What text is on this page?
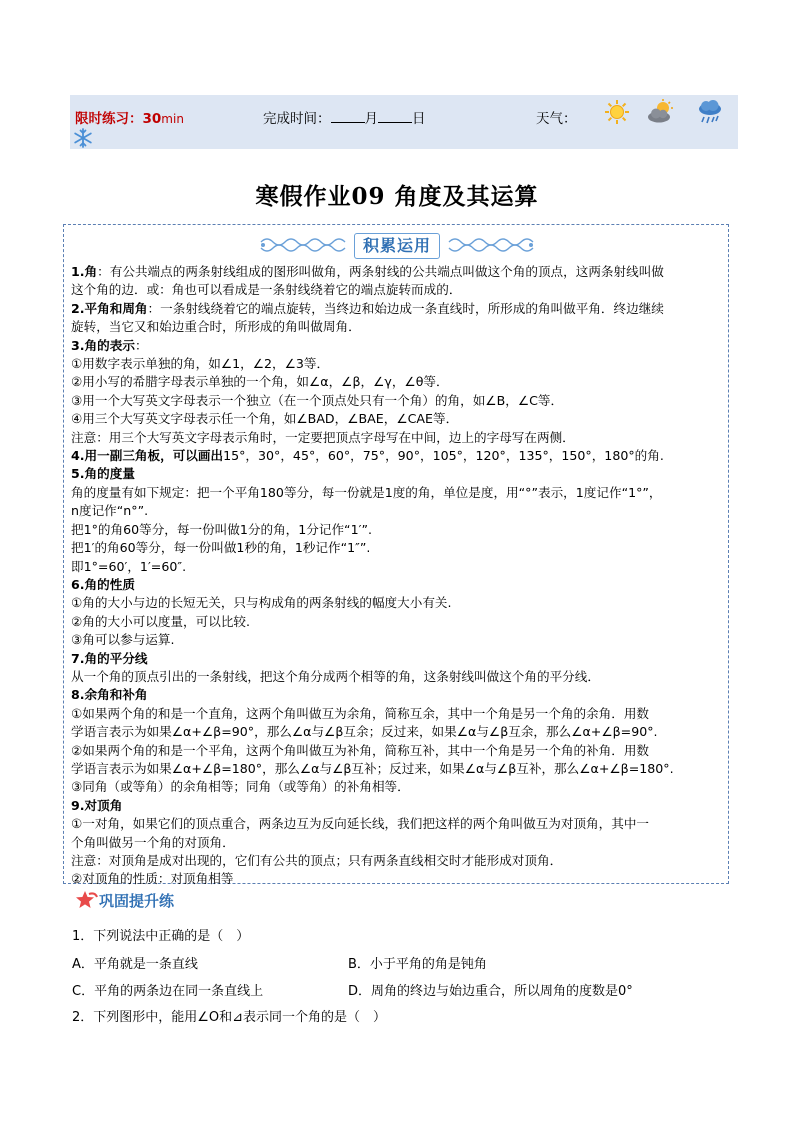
限时练习：30min	完成时间：	月	日	天气：
寒假作业09 角度及其运算
积累运用

1.角：有公共端点的两条射线组成的图形叫做角，两条射线的公共端点叫做这个角的顶点，这两条射线叫做

这个角的边．或：角也可以看成是一条射线绕着它的端点旋转而成的．

2.平角和周角：一条射线绕着它的端点旋转，当终边和始边成一条直线时，所形成的角叫做平角．终边继续

旋转，当它又和始边重合时，所形成的角叫做周角．

3.角的表示：

①用数字表示单独的角，如∠1，∠2，∠3等．

②用小写的希腊字母表示单独的一个角，如∠α，∠β，∠γ，∠θ等．

③用一个大写英文字母表示一个独立（在一个顶点处只有一个角）的角，如∠B，∠C等．

④用三个大写英文字母表示任一个角，如∠BAD，∠BAE，∠CAE等．

注意：用三个大写英文字母表示角时，一定要把顶点字母写在中间，边上的字母写在两侧．

4.用一副三角板，可以画出15°，30°，45°，60°，75°，90°，105°，120°，135°，150°，180°的角.

5.角的度量

角的度量有如下规定：把一个平角180等分，每一份就是1度的角，单位是度，用“°”表示，1度记作“1°”，

n度记作“n°”.

把1°的角60等分，每一份叫做1分的角，1分记作“1′”.

把1′的角60等分，每一份叫做1秒的角，1秒记作“1″”.

即1°=60′，1′=60″.

6.角的性质

①角的大小与边的长短无关，只与构成角的两条射线的幅度大小有关.

②角的大小可以度量，可以比较.

③角可以参与运算.

7.角的平分线

从一个角的顶点引出的一条射线，把这个角分成两个相等的角，这条射线叫做这个角的平分线．

8.余角和补角

①如果两个角的和是一个直角，这两个角叫做互为余角，简称互余，其中一个角是另一个角的余角．用数

学语言表示为如果∠α+∠β=90°，那么∠α与∠β互余；反过来，如果∠α与∠β互余，那么∠α+∠β=90°.

②如果两个角的和是一个平角，这两个角叫做互为补角，简称互补，其中一个角是另一个角的补角．用数

学语言表示为如果∠α+∠β=180°，那么∠α与∠β互补；反过来，如果∠α与∠β互补，那么∠α+∠β=180°.

③同角（或等角）的余角相等；同角（或等角）的补角相等．

9.对顶角

①一对角，如果它们的顶点重合，两条边互为反向延长线，我们把这样的两个角叫做互为对顶角，其中一

个角叫做另一个角的对顶角．

注意：对顶角是成对出现的，它们有公共的顶点；只有两条直线相交时才能形成对顶角．

②对顶角的性质：对顶角相等

巩固提升练
1．下列说法中正确的是（　）
A．平角就是一条直线	B．小于平角的角是钝角
C．平角的两条边在同一条直线上	D．周角的终边与始边重合，所以周角的度数是0°
2．下列图形中，能用∠O和⊿表示同一个角的是（　）
